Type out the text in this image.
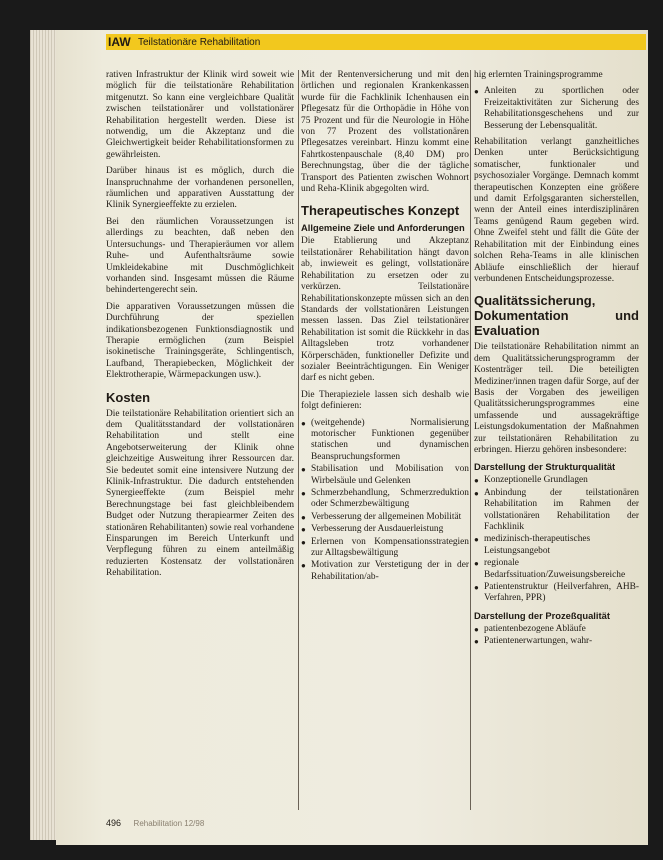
IAW Teilstationäre Rehabilitation

rativen Infrastruktur der Klinik wird soweit wie möglich für die teilstationäre Rehabilitation mitgenutzt. So kann eine vergleichbare Qualität zwischen teilstationärer und vollstationärer Rehabilitation hergestellt werden. Diese ist notwendig, um die Akzeptanz und die Gleichwertigkeit beider Rehabilitationsformen zu gewährleisten.

Darüber hinaus ist es möglich, durch die Inanspruchnahme der vorhandenen personellen, räumlichen und apparativen Ausstattung der Klinik Synergieeffekte zu erzielen.

Bei den räumlichen Voraussetzungen ist allerdings zu beachten, daß neben den Untersuchungs- und Therapieräumen vor allem Ruhe- und Aufenthaltsräume sowie Umkleidekabine mit Duschmöglichkeit vorhanden sind. Insgesamt müssen die Räume behindertengerecht sein.

Die apparativen Voraussetzungen müssen die Durchführung der speziellen indikationsbezogenen Funktionsdiagnostik und Therapie ermöglichen (zum Beispiel isokinetische Trainingsgeräte, Schlingentisch, Laufband, Therapiebecken, Möglichkeit der Elektrotherapie, Wärmepackungen usw.).

Kosten

Die teilstationäre Rehabilitation orientiert sich an dem Qualitätsstandard der vollstationären Rehabilitation und stellt eine Angebotserweiterung der Klinik ohne gleichzeitige Ausweitung ihrer Ressourcen dar. Sie bedeutet somit eine intensivere Nutzung der Klinik-Infrastruktur. Die dadurch entstehenden Synergieeffekte (zum Beispiel mehr Berechnungstage bei fast gleichbleibendem Budget oder Nutzung therapiearmer Zeiten des stationären Rehabilitanten) sowie real vorhandene Einsparungen im Bereich Unterkunft und Verpflegung führen zu einem anteilmäßig reduzierten Kostensatz der vollstationären Rehabilitation.

Mit der Rentenversicherung und mit den örtlichen und regionalen Krankenkassen wurde für die Fachklinik Ichenhausen ein Pflegesatz für die Orthopädie in Höhe von 75 Prozent und für die Neurologie in Höhe von 77 Prozent des vollstationären Pflegesatzes vereinbart. Hinzu kommt eine Fahrtkostenpauschale (8,40 DM) pro Berechnungstag, über die der tägliche Transport des Patienten zwischen Wohnort und Reha-Klinik abgegolten wird.

Therapeutisches Konzept
Allgemeine Ziele und Anforderungen

Die Etablierung und Akzeptanz teilstationärer Rehabilitation hängt davon ab, inwieweit es gelingt, vollstationäre Rehabilitation zu ersetzen oder zu verkürzen. Teilstationäre Rehabilitationskonzepte müssen sich an den Standards der vollstationären Leistungen messen lassen. Das Ziel teilstationärer Rehabilitation ist somit die Rückkehr in das Alltagsleben trotz vorhandener Körperschäden, funktioneller Defizite und sozialer Beeinträchtigungen. Ein Weniger darf es nicht geben.

Die Therapieziele lassen sich deshalb wie folgt definieren:

● (weitgehende) Normalisierung motorischer Funktionen gegenüber statischen und dynamischen Beanspruchungsformen
● Stabilisation und Mobilisation von Wirbelsäule und Gelenken
● Schmerzbehandlung, Schmerzreduktion oder Schmerzbewältigung
● Verbesserung der allgemeinen Mobilität
● Verbesserung der Ausdauerleistung
● Erlernen von Kompensationsstrategien zur Alltagsbewältigung
● Motivation zur Verstetigung der in der Rehabilitation/ab-

hig erlernten Trainingsprogramme

● Anleiten zu sportlichen oder Freizeitaktivitäten zur Sicherung des Rehabilitationsgeschehens und zur Besserung der Lebensqualität.

Rehabilitation verlangt ganzheitliches Denken unter Berücksichtigung somatischer, funktionaler und psychosozialer Vorgänge. Demnach kommt therapeutischen Konzepten eine größere und damit Erfolgsgaranten sicherstellen, wenn der Anteil eines interdisziplinären Teams genügend Raum gegeben wird. Ohne Zweifel steht und fällt die Güte der Rehabilitation mit der Einbindung eines solchen Reha-Teams in alle klinischen Abläufe einschließlich der hierauf verbundenen Entscheidungsprozesse.

Qualitätssicherung, Dokumentation und Evaluation

Die teilstationäre Rehabilitation nimmt an dem Qualitätssicherungsprogramm der Kostenträger teil. Die beteiligten Mediziner/innen tragen dafür Sorge, auf der Basis der Vorgaben des jeweiligen Qualitätssicherungsprogrammes eine umfassende und aussagekräftige Leistungsdokumentation der Maßnahmen zur teilstationären Rehabilitation zu erbringen. Hierzu gehören insbesondere:

Darstellung der Strukturqualität
● Konzeptionelle Grundlagen
● Anbindung der teilstationären Rehabilitation im Rahmen der vollstationären Rehabilitation der Fachklinik
● medizinisch-therapeutisches Leistungsangebot
● regionale Bedarfssituation/Zuweisungsbereiche
● Patientenstruktur (Heilverfahren, AHB-Verfahren, PPR)
Darstellung der Prozeßqualität
● patientenbezogene Abläufe
● Patientenerwartungen, wahr-
496 Rehabilitation 12/98
